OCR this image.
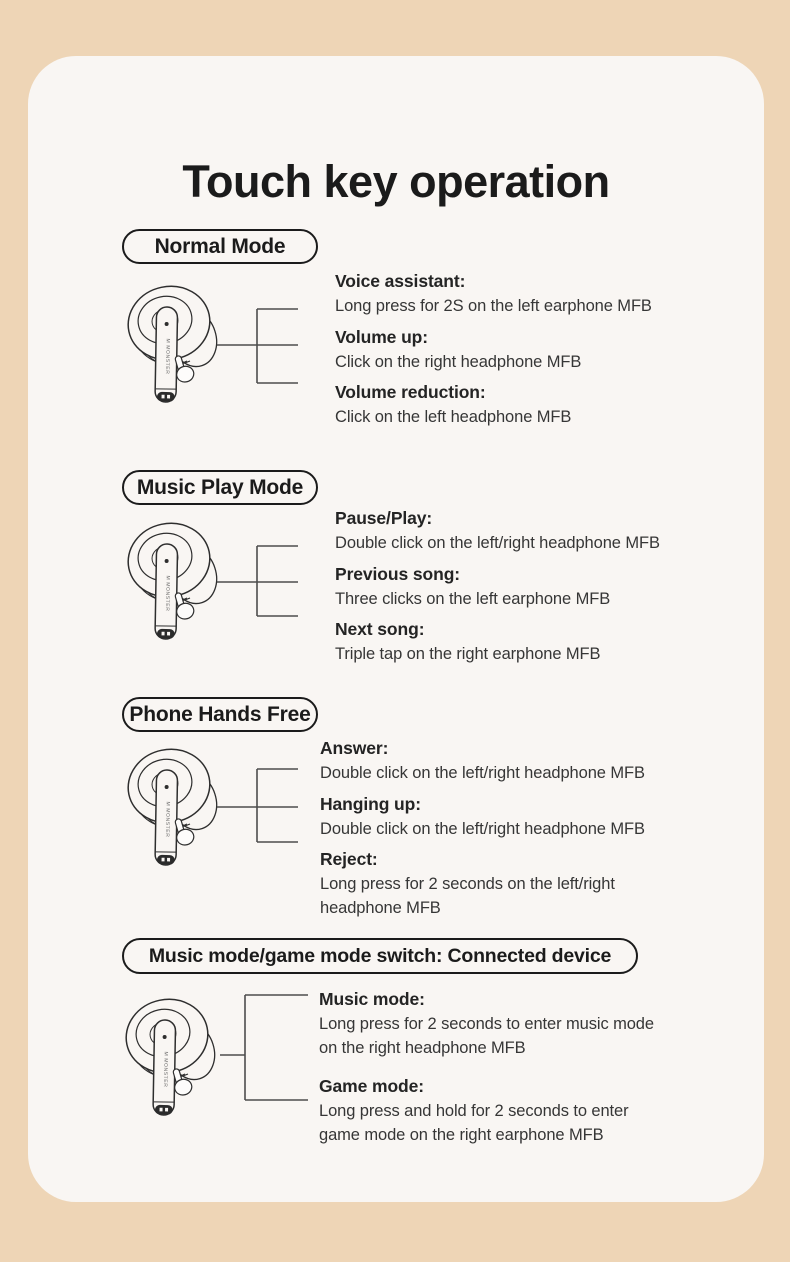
Touch key operation
Normal Mode
Voice assistant:
Long press for 2S on the left earphone MFB
Volume up:
Click on the right headphone MFB
Volume reduction:
Click on the left headphone MFB
Music Play Mode
Pause/Play:
Double click on the left/right headphone MFB
Previous song:
Three clicks on the left earphone MFB
Next song:
Triple tap on the right earphone MFB
Phone Hands Free
Answer:
Double click on the left/right headphone MFB
Hanging up:
Double click on the left/right headphone MFB
Reject:
Long press for 2 seconds on the left/right
headphone MFB
Music mode/game mode switch: Connected device
Music mode:
Long press for 2 seconds to enter music mode
on the right headphone MFB
Game mode:
Long press and hold for 2 seconds to enter
game mode on the right earphone MFB
